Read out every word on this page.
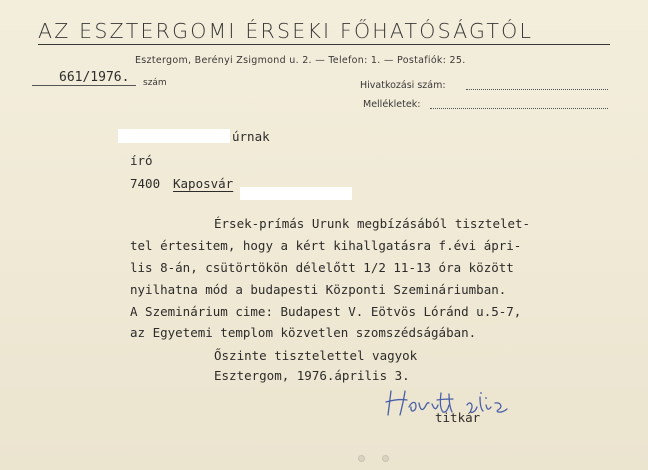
AZ ESZTERGOMI ÉRSEKI FŐHATÓSÁGTÓL
Esztergom, Berényi Zsigmond u. 2. — Telefon: 1. — Postafiók: 25.
661/1976. szám	Hivatkozási szám:
Mellékletek:
úrnak
író
7400 Kaposvár
Érsek-prímás Urunk megbízásából tisztelet-
tel értesitem, hogy a kért kihallgatásra f.évi ápri-
lis 8-án, csütörtökön délelőtt 1/2 11-13 óra között
nyilhatna mód a budapesti Központi Szemináriumban.
A Szeminárium cime: Budapest V. Eötvös Lóránd u.5-7,
az Egyetemi templom közvetlen szomszédságában.
Őszinte tisztelettel vagyok
Esztergom, 1976.április 3.
titkár
